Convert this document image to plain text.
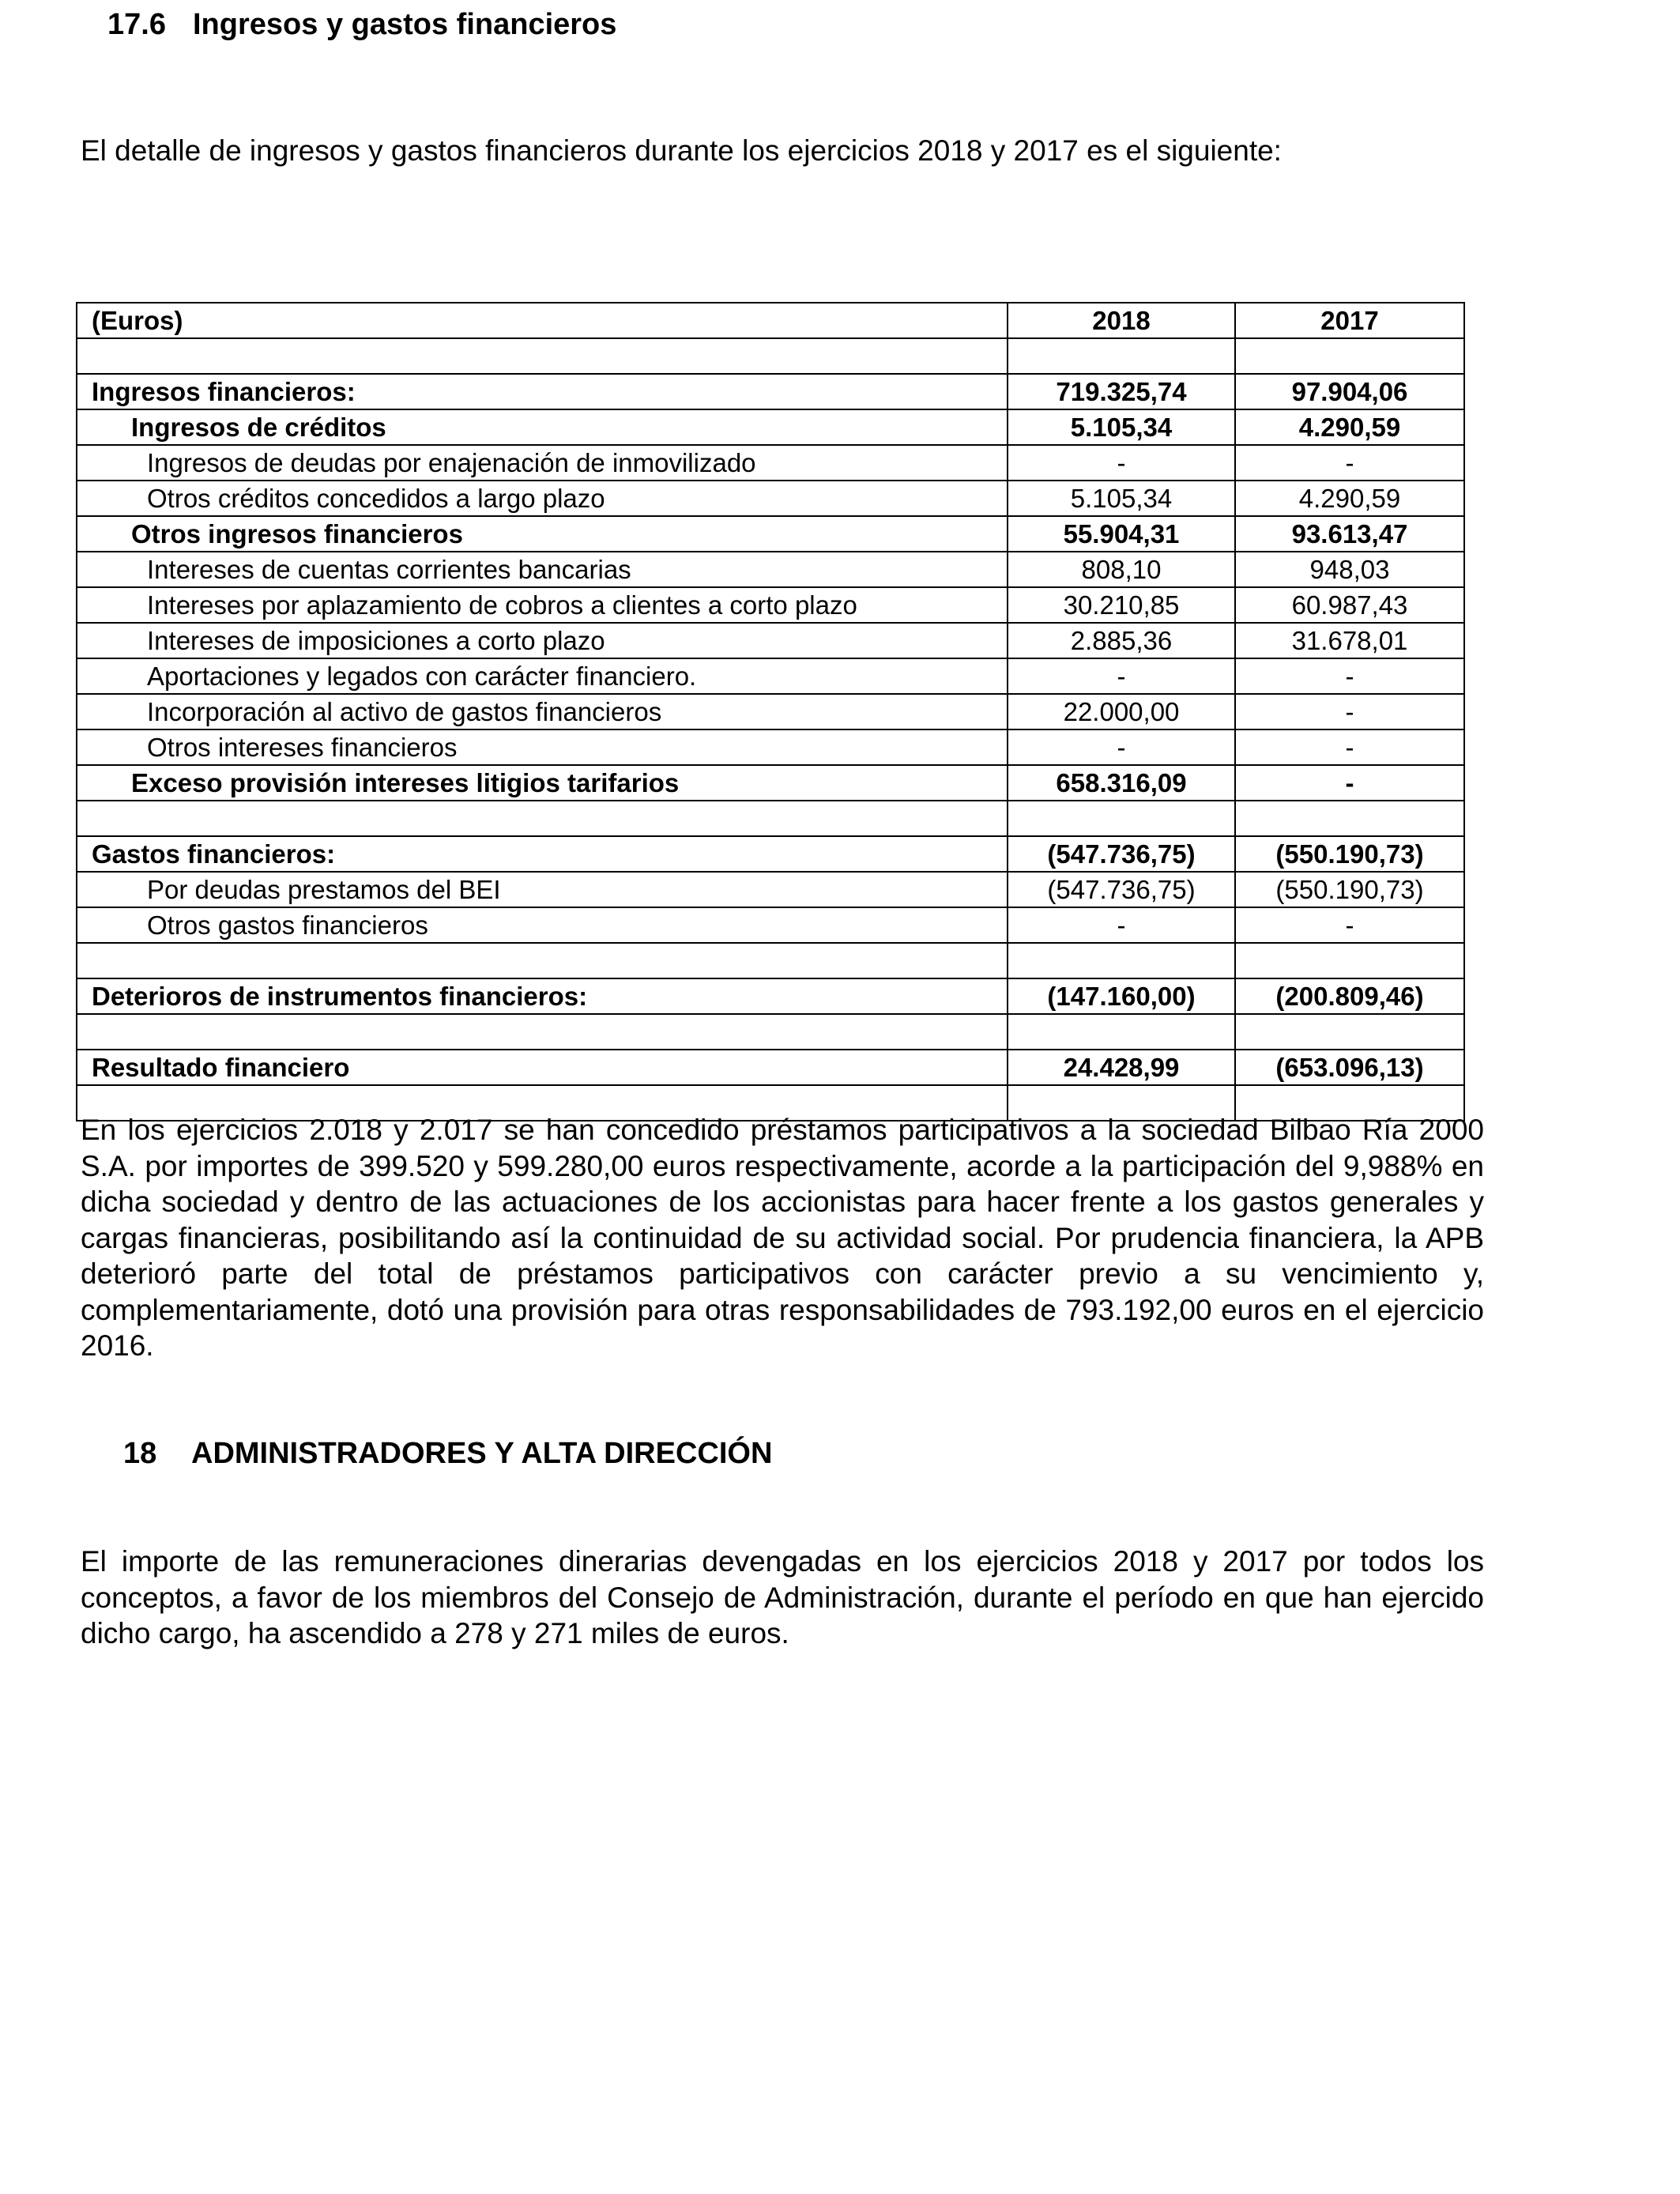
17.6 Ingresos y gastos financieros

El detalle de ingresos y gastos financieros durante los ejercicios 2018 y 2017 es el siguiente:

(Euros)	2018	2017

Ingresos financieros:	719.325,74	97.904,06
Ingresos de créditos	5.105,34	4.290,59
Ingresos de deudas por enajenación de inmovilizado	-	-
Otros créditos concedidos a largo plazo	5.105,34	4.290,59
Otros ingresos financieros	55.904,31	93.613,47
Intereses de cuentas corrientes bancarias	808,10	948,03
Intereses por aplazamiento de cobros a clientes a corto plazo	30.210,85	60.987,43
Intereses de imposiciones a corto plazo	2.885,36	31.678,01
Aportaciones y legados con carácter financiero.	-	-
Incorporación al activo de gastos financieros	22.000,00	-
Otros intereses financieros	-	-
Exceso provisión intereses litigios tarifarios	658.316,09	-

Gastos financieros:	(547.736,75)	(550.190,73)
Por deudas prestamos del BEI	(547.736,75)	(550.190,73)
Otros gastos financieros	-	-

Deterioros de instrumentos financieros:	(147.160,00)	(200.809,46)

Resultado financiero	24.428,99	(653.096,13)

En los ejercicios 2.018 y 2.017 se han concedido préstamos participativos a la sociedad Bilbao Ría 2000 S.A. por importes de 399.520 y 599.280,00 euros respectivamente, acorde a la participación del 9,988% en dicha sociedad y dentro de las actuaciones de los accionistas para hacer frente a los gastos generales y cargas financieras, posibilitando así la continuidad de su actividad social. Por prudencia financiera, la APB deterioró parte del total de préstamos participativos con carácter previo a su vencimiento y, complementariamente, dotó una provisión para otras responsabilidades de 793.192,00 euros en el ejercicio 2016.

18 ADMINISTRADORES Y ALTA DIRECCIÓN

El importe de las remuneraciones dinerarias devengadas en los ejercicios 2018 y 2017 por todos los conceptos, a favor de los miembros del Consejo de Administración, durante el período en que han ejercido dicho cargo, ha ascendido a 278 y 271 miles de euros.
